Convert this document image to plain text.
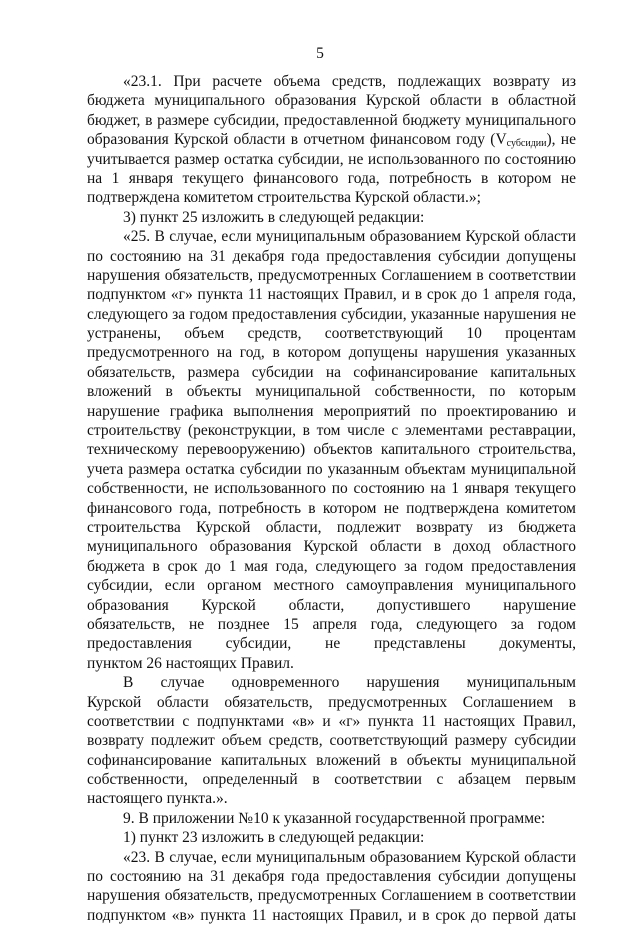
5
«23.1. При расчете объема средств, подлежащих возврату из
бюджета муниципального образования Курской области в областной
бюджет, в размере субсидии, предоставленной бюджету муниципального
образования Курской области в отчетном финансовом году $(V_{субсидии})$, не
учитывается размер остатка субсидии, не использованного по состоянию
на 1 января текущего финансового года, потребность в котором не
подтверждена комитетом строительства Курской области.»;
3) пункт 25 изложить в следующей редакции:
«25. В случае, если муниципальным образованием Курской области
по состоянию на 31 декабря года предоставления субсидии допущены
нарушения обязательств, предусмотренных Соглашением в соответствии
подпунктом «г» пункта 11 настоящих Правил, и в срок до 1 апреля года,
следующего за годом предоставления субсидии, указанные нарушения не
устранены, объем средств, соответствующий 10 процентам
предусмотренного на год, в котором допущены нарушения указанных
обязательств, размера субсидии на софинансирование капитальных
вложений в объекты муниципальной собственности, по которым
нарушение графика выполнения мероприятий по проектированию и
строительству (реконструкции, в том числе с элементами реставрации,
техническому перевооружению) объектов капитального строительства,
учета размера остатка субсидии по указанным объектам муниципальной
собственности, не использованного по состоянию на 1 января текущего
финансового года, потребность в котором не подтверждена комитетом
строительства Курской области, подлежит возврату из бюджета
муниципального образования Курской области в доход областного
бюджета в срок до 1 мая года, следующего за годом предоставления
субсидии, если органом местного самоуправления муниципального
образования Курской области, допустившего нарушение
обязательств, не позднее 15 апреля года, следующего за годом
предоставления субсидии, не представлены документы,
пунктом 26 настоящих Правил.
В случае одновременного нарушения муниципальным
Курской области обязательств, предусмотренных Соглашением в
соответствии с подпунктами «в» и «г» пункта 11 настоящих Правил,
возврату подлежит объем средств, соответствующий размеру субсидии
софинансирование капитальных вложений в объекты муниципальной
собственности, определенный в соответствии с абзацем первым
настоящего пункта.».
9. В приложении №10 к указанной государственной программе:
1) пункт 23 изложить в следующей редакции:
«23. В случае, если муниципальным образованием Курской области
по состоянию на 31 декабря года предоставления субсидии допущены
нарушения обязательств, предусмотренных Соглашением в соответствии
подпунктом «в» пункта 11 настоящих Правил, и в срок до первой даты
